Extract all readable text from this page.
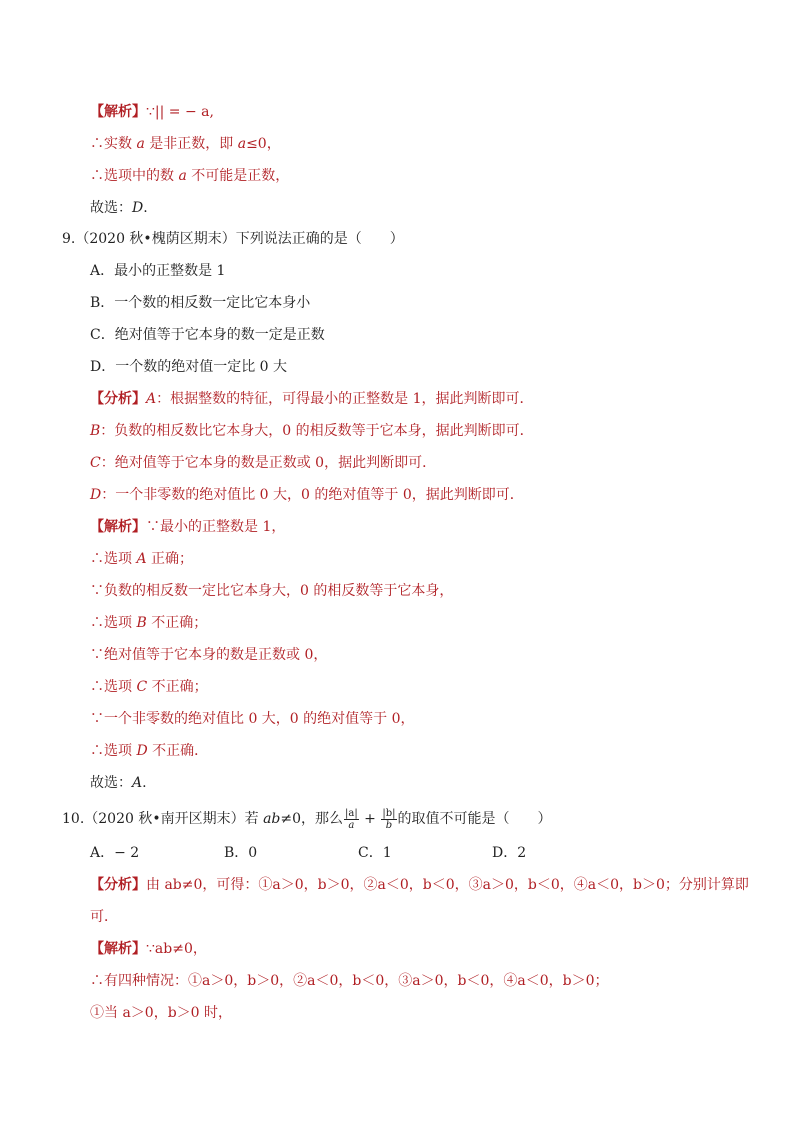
【解析】∵|| = − a,
∴实数 a 是非正数，即 a≤0，
∴选项中的数 a 不可能是正数，
故选：D.
9.（2020 秋•槐荫区期末）下列说法正确的是（　　）
A．最小的正整数是 1
B．一个数的相反数一定比它本身小
C．绝对值等于它本身的数一定是正数
D．一个数的绝对值一定比 0 大
【分析】A：根据整数的特征，可得最小的正整数是 1，据此判断即可．
B：负数的相反数比它本身大，0 的相反数等于它本身，据此判断即可．
C：绝对值等于它本身的数是正数或 0，据此判断即可．
D：一个非零数的绝对值比 0 大，0 的绝对值等于 0，据此判断即可．
【解析】∵最小的正整数是 1，
∴选项 A 正确；
∵负数的相反数一定比它本身大，0 的相反数等于它本身，
∴选项 B 不正确；
∵绝对值等于它本身的数是正数或 0，
∴选项 C 不正确；
∵一个非零数的绝对值比 0 大，0 的绝对值等于 0，
∴选项 D 不正确．
故选：A.
10.（2020 秋•南开区期末）若 ab≠0，那么 $\frac{|a|}{a} + \frac{|b|}{b}$ 的取值不可能是（　　）
A．− 2	B．0	C．1	D．2
【分析】由 ab≠0，可得：①a＞0，b＞0，②a＜0，b＜0，③a＞0，b＜0，④a＜0，b＞0；分别计算即
可．
【解析】∵ab≠0，
∴有四种情况：①a＞0，b＞0，②a＜0，b＜0，③a＞0，b＜0，④a＜0，b＞0；
①当 a＞0，b＞0 时，
